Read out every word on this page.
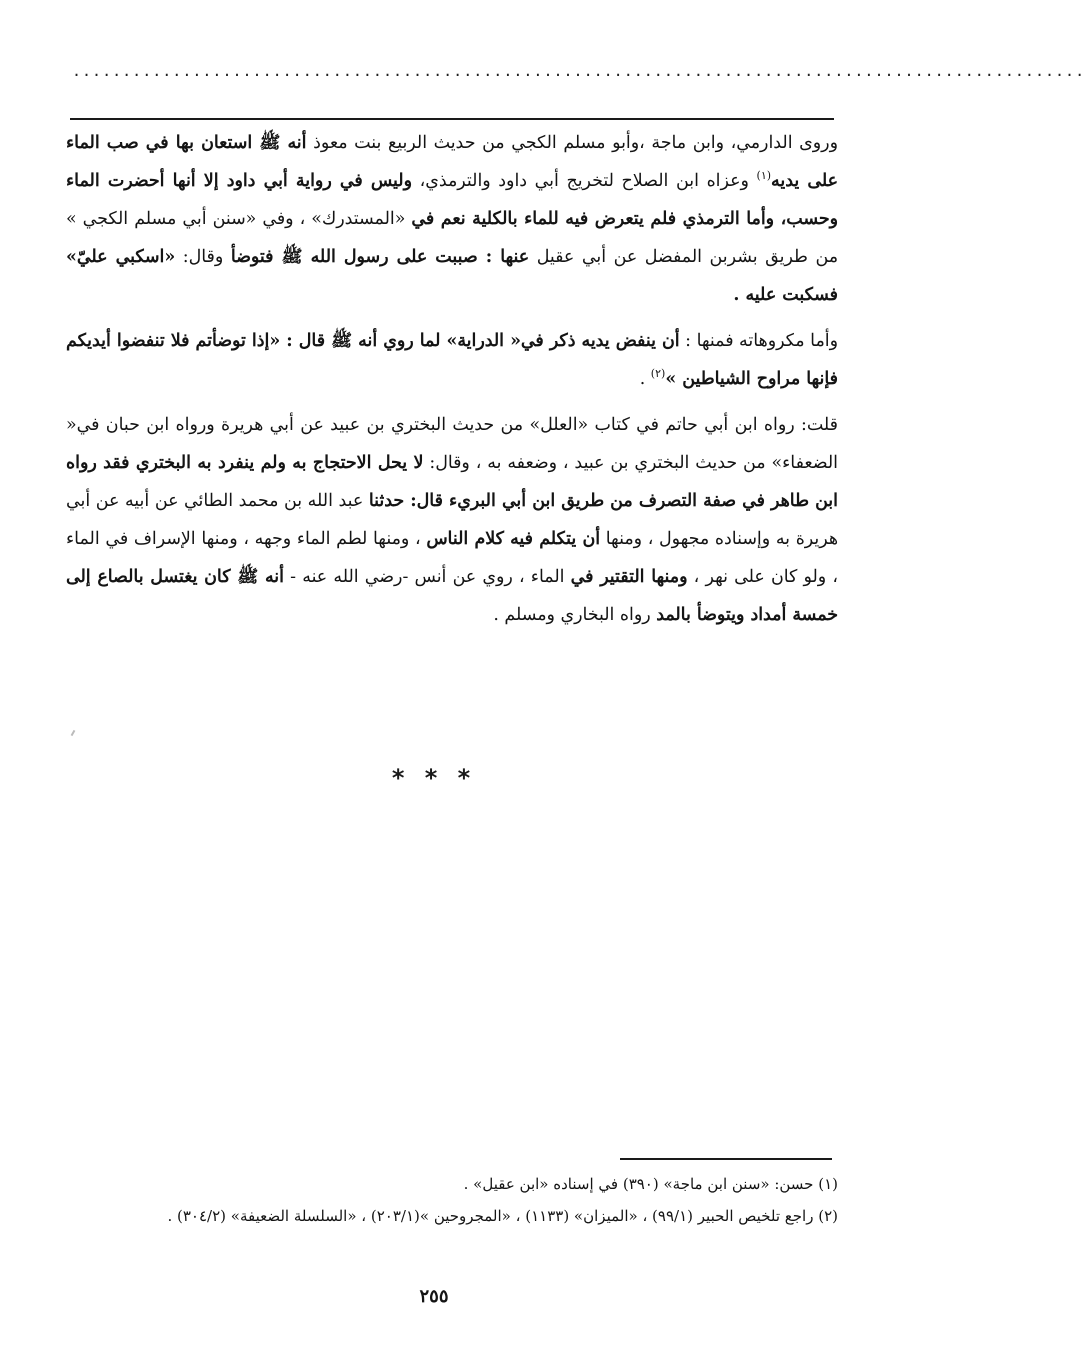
.....................................................................................................

وروى الدارمي، وابن ماجة ،وأبو مسلم الكجي من حديث الربيع بنت معوذ أنه ﷺ استعان بها في صب الماء على يديه$^{(١)}$ وعزاه ابن الصلاح لتخريج أبي داود والترمذي، وليس في رواية أبي داود إلا أنها أحضرت الماء وحسب، وأما الترمذي فلم يتعرض فيه للماء بالكلية نعم في «المستدرك» ، وفي «سنن أبي مسلم الكجي » من طريق بشربن المفضل عن أبي عقيل عنها : صببت على رسول الله ﷺ فتوضأ وقال: «اسكبي عليّ» فسكبت عليه .

وأما مكروهاته فمنها : أن ينفض يديه ذكر في« الدراية» لما روي أنه ﷺ قال : «إذا توضأتم فلا تنفضوا أيديكم فإنها مراوح الشياطين »$^{(٢)}$ .

قلت: رواه ابن أبي حاتم في كتاب «العلل» من حديث البختري بن عبيد عن أبي هريرة ورواه ابن حبان في« الضعفاء» من حديث البختري بن عبيد ، وضعفه به ، وقال: لا يحل الاحتجاج به ولم ينفرد به البختري فقد رواه ابن طاهر في صفة التصرف من طريق ابن أبي البريء قال: حدثنا عبد الله بن محمد الطائي عن أبيه عن أبي هريرة به وإسناده مجهول ، ومنها أن يتكلم فيه كلام الناس ، ومنها لطم الماء وجهه ، ومنها الإسراف في الماء ، ولو كان على نهر ، ومنها التقتير في الماء ، روي عن أنس -رضي الله عنه - أنه ﷺ كان يغتسل بالصاع إلى خمسة أمداد ويتوضأ بالمد رواه البخاري ومسلم .

* * *

(١) حسن: «سنن ابن ماجة» (٣٩٠) في إسناده «ابن عقيل» .

(٢) راجع تلخيص الحبير (٩٩/١) ، «الميزان» (١١٣٣) ، «المجروحين »(٢٠٣/١) ، «السلسلة الضعيفة» (٣٠٤/٢) .

٢٥٥
